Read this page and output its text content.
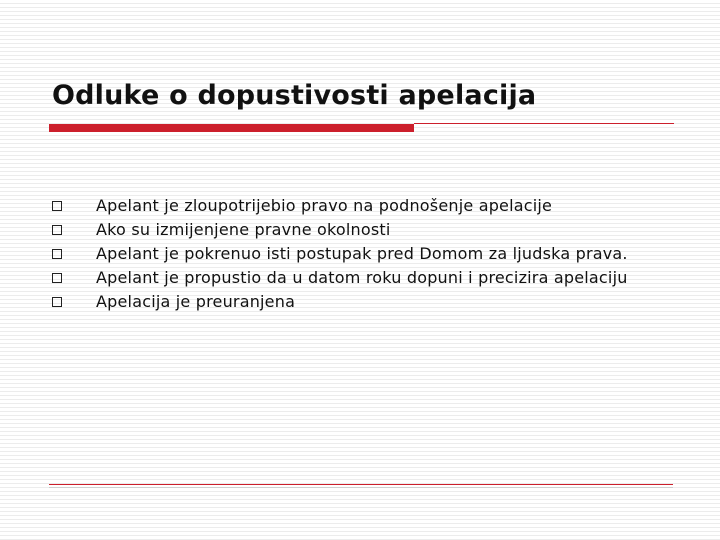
Odluke o dopustivosti apelacija
Apelant je zloupotrijebio pravo na podnošenje apelacije
Ako su izmijenjene pravne okolnosti
Apelant je pokrenuo isti postupak pred Domom za ljudska prava.
Apelant je propustio da u datom roku dopuni i precizira apelaciju
Apelacija je preuranjena
